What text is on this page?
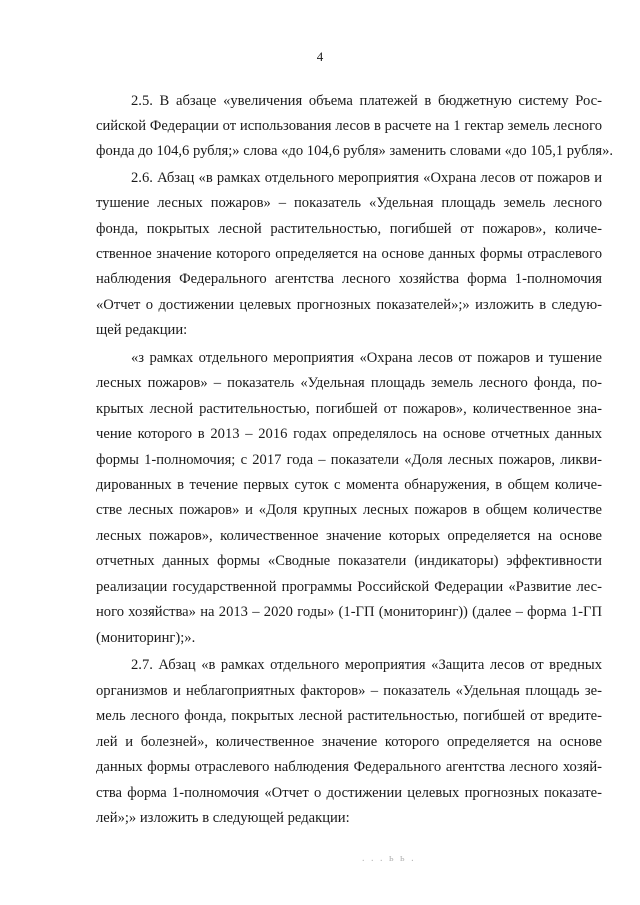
4
2.5. В абзаце «увеличения объема платежей в бюджетную систему Рос-
сийской Федерации от использования лесов в расчете на 1 гектар земель лесного
фонда до 104,6 рубля;» слова «до 104,6 рубля» заменить словами «до 105,1 рубля».
2.6. Абзац «в рамках отдельного мероприятия «Охрана лесов от пожаров и
тушение лесных пожаров» – показатель «Удельная площадь земель лесного
фонда, покрытых лесной растительностью, погибшей от пожаров», количе-
ственное значение которого определяется на основе данных формы отраслевого
наблюдения Федерального агентства лесного хозяйства форма 1-полномочия
«Отчет о достижении целевых прогнозных показателей»;» изложить в следую-
щей редакции:
«з рамках отдельного мероприятия «Охрана лесов от пожаров и тушение
лесных пожаров» – показатель «Удельная площадь земель лесного фонда, по-
крытых лесной растительностью, погибшей от пожаров», количественное зна-
чение которого в 2013 – 2016 годах определялось на основе отчетных данных
формы 1-полномочия; с 2017 года – показатели «Доля лесных пожаров, ликви-
дированных в течение первых суток с момента обнаружения, в общем количе-
стве лесных пожаров» и «Доля крупных лесных пожаров в общем количестве
лесных пожаров», количественное значение которых определяется на основе
отчетных данных формы «Сводные показатели (индикаторы) эффективности
реализации государственной программы Российской Федерации «Развитие лес-
ного хозяйства» на 2013 – 2020 годы» (1-ГП (мониторинг)) (далее – форма 1-ГП
(мониторинг);».
2.7. Абзац «в рамках отдельного мероприятия «Защита лесов от вредных
организмов и неблагоприятных факторов» – показатель «Удельная площадь зе-
мель лесного фонда, покрытых лесной растительностью, погибшей от вредите-
лей и болезней», количественное значение которого определяется на основе
данных формы отраслевого наблюдения Федерального агентства лесного хозяй-
ства форма 1-полномочия «Отчет о достижении целевых прогнозных показате-
лей»;» изложить в следующей редакции:
. . . ь ь .
